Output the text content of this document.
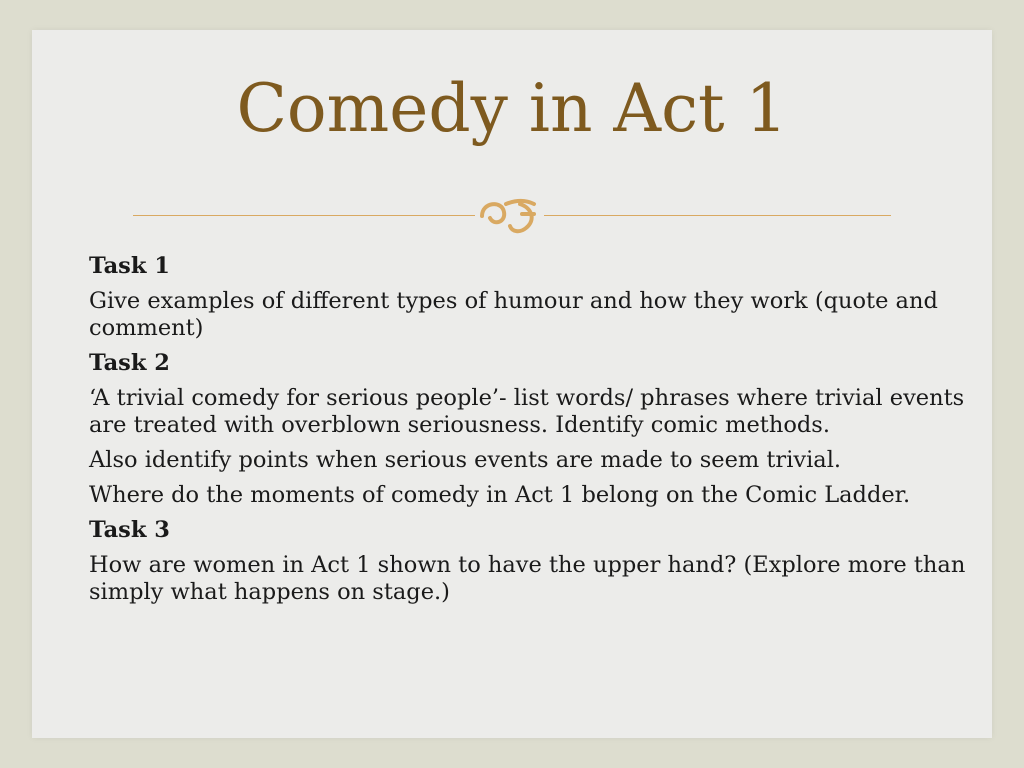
Comedy in Act 1

Task 1

Give examples of different types of humour and how they work (quote and comment)

Task 2

‘A trivial comedy for serious people’- list words/ phrases where trivial events are treated with overblown seriousness. Identify comic methods.

Also identify points when serious events are made to seem trivial.

Where do the moments of comedy in Act 1 belong on the Comic Ladder.

Task 3

How are women in Act 1 shown to have the upper hand? (Explore more than simply what happens on stage.)
